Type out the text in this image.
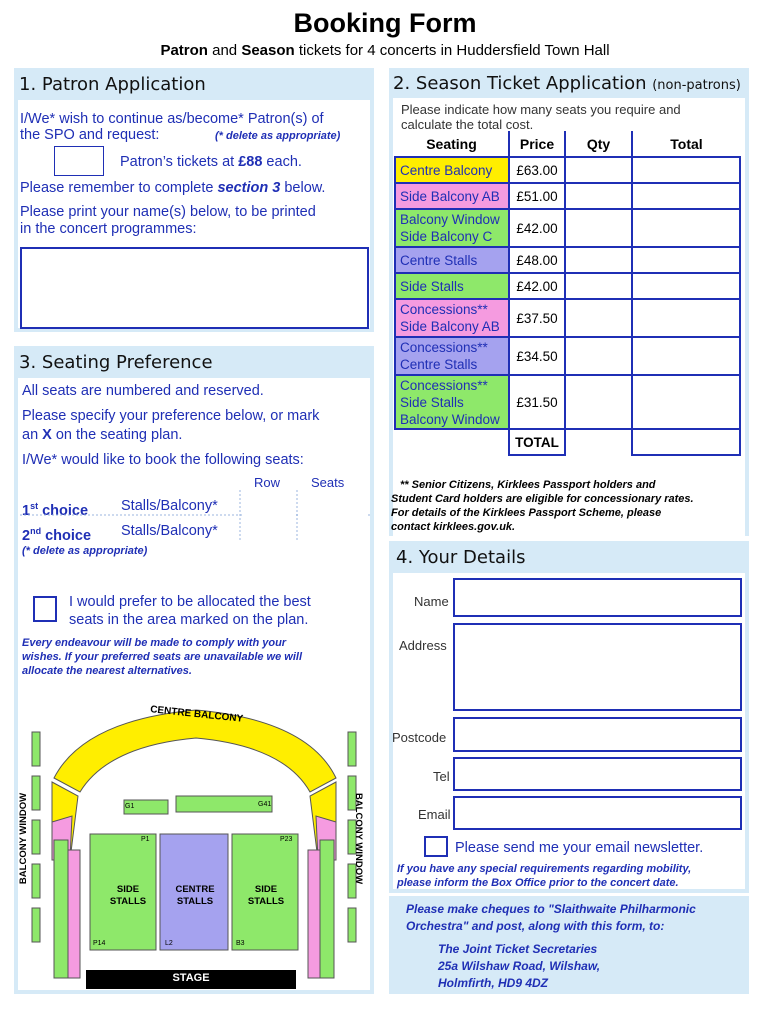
Booking Form
Patron and Season tickets for 4 concerts in Huddersfield Town Hall
1. Patron Application
I/We* wish to continue as/become* Patron(s) of
the SPO and request:	(* delete as appropriate)
Patron’s tickets at £88 each.
Please remember to complete section 3 below.
Please print your name(s) below, to be printed
in the concert programmes:
2. Season Ticket Application (non-patrons)
Please indicate how many seats you require and
calculate the total cost.
Seating	Price	Qty	Total

Centre Balcony	£63.00		

Side Balcony AB	£51.00		

Balcony Window
Side Balcony C	£42.00		

Centre Stalls	£48.00		

Side Stalls	£42.00		

Concessions**
Side Balcony AB	£37.50		

Concessions**
Centre Stalls	£34.50		

Concessions**
Side Stalls
Balcony Window	£31.50		
	TOTAL		
** Senior Citizens, Kirklees Passport holders and
Student Card holders are eligible for concessionary rates.
For details of the Kirklees Passport Scheme, please
contact kirklees.gov.uk.
3. Seating Preference
All seats are numbered and reserved.
Please specify your preference below, or mark
an X on the seating plan.
I/We* would like to book the following seats:
Row Seats
1st choice Stalls/Balcony*
2nd choice Stalls/Balcony*
(* delete as appropriate)
I would prefer to be allocated the best
seats in the area marked on the plan.
Every endeavour will be made to comply with your
wishes. If your preferred seats are unavailable we will
allocate the nearest alternatives.
CENTRE BALCONY
BALCONY WINDOW	BALCONY WINDOW
SIDE STALLS
CENTRE STALLS
SIDE STALLS
STAGE
G1	G41
P1	P23
P14	L2	B3
4. Your Details
Name
Address
Postcode
Tel
Email
Please send me your email newsletter.
If you have any special requirements regarding mobility,
please inform the Box Office prior to the concert date.
Please make cheques to "Slaithwaite Philharmonic
Orchestra" and post, along with this form, to:
The Joint Ticket Secretaries
25a Wilshaw Road, Wilshaw,
Holmfirth, HD9 4DZ
